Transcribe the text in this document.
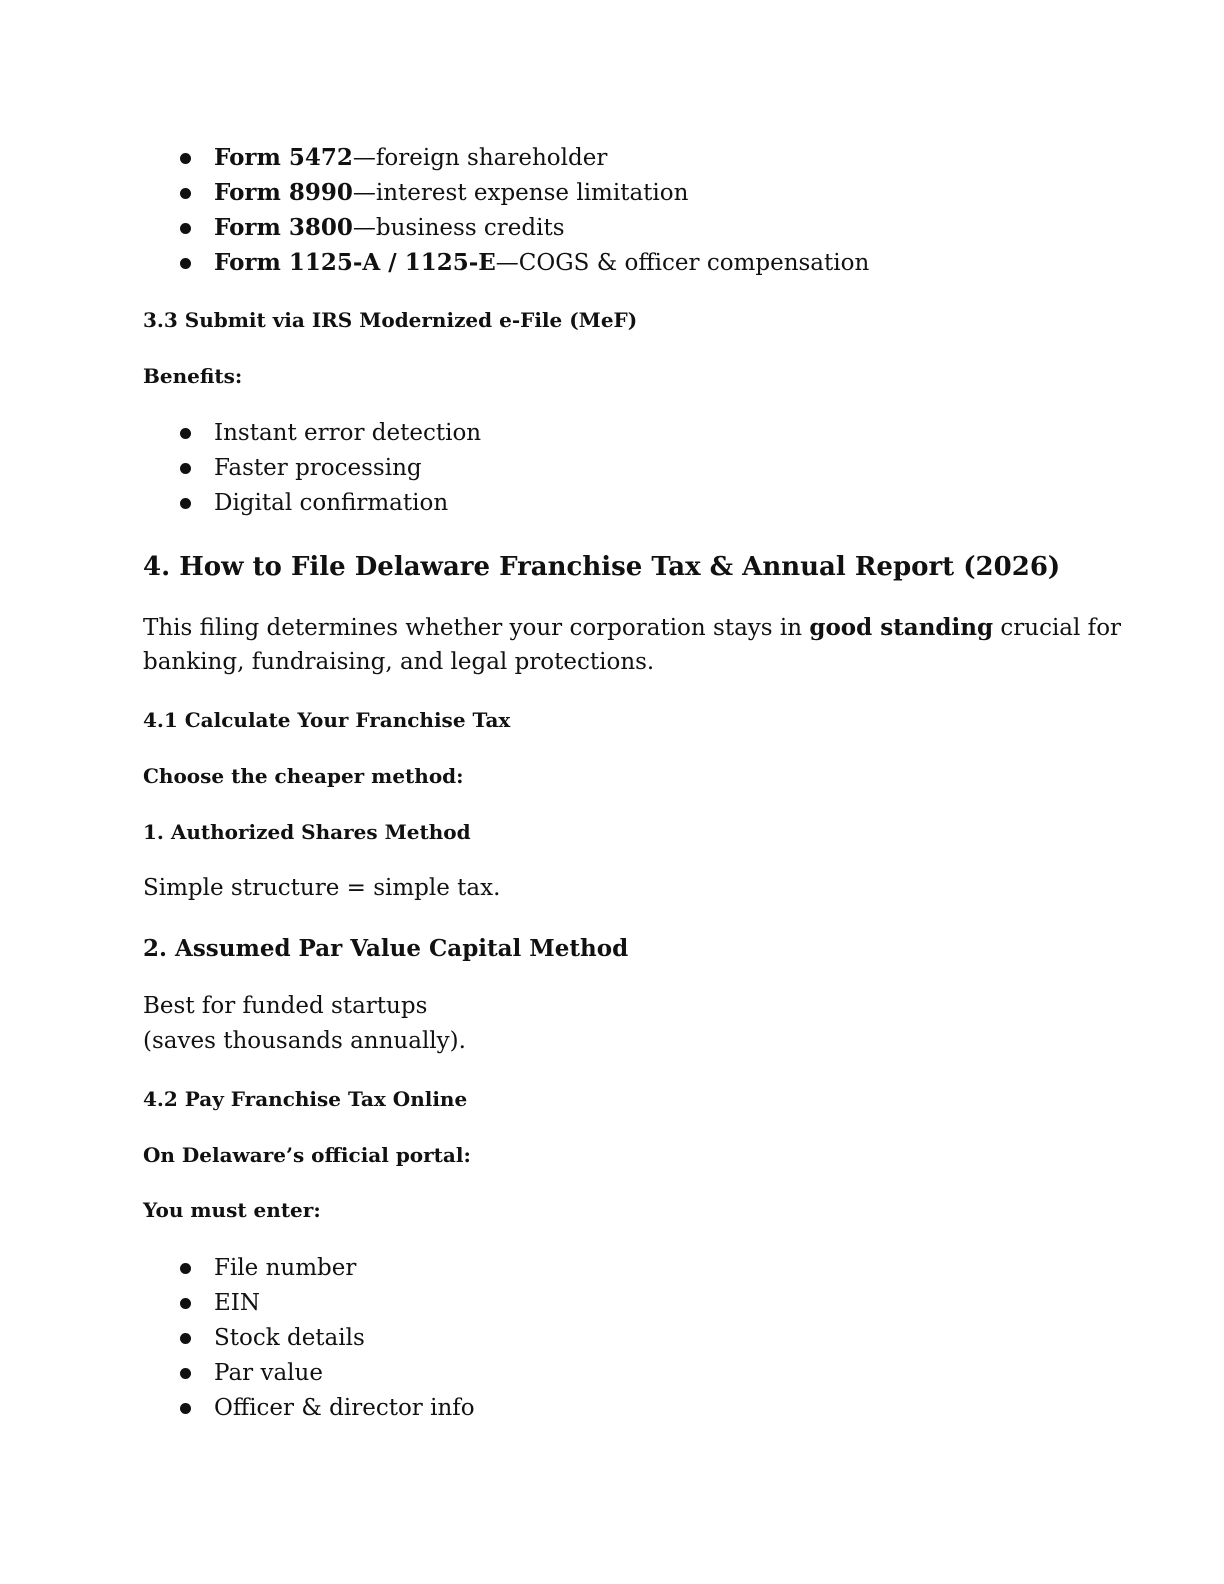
Form 5472—foreign shareholder
Form 8990—interest expense limitation
Form 3800—business credits
Form 1125-A / 1125-E—COGS & officer compensation
3.3 Submit via IRS Modernized e-File (MeF)
Benefits:
Instant error detection
Faster processing
Digital confirmation
4. How to File Delaware Franchise Tax & Annual Report (2026)
This filing determines whether your corporation stays in good standing crucial for
banking, fundraising, and legal protections.
4.1 Calculate Your Franchise Tax
Choose the cheaper method:
1. Authorized Shares Method
Simple structure = simple tax.
2. Assumed Par Value Capital Method
Best for funded startups
(saves thousands annually).
4.2 Pay Franchise Tax Online
On Delaware’s official portal:
You must enter:
File number
EIN
Stock details
Par value
Officer & director info
